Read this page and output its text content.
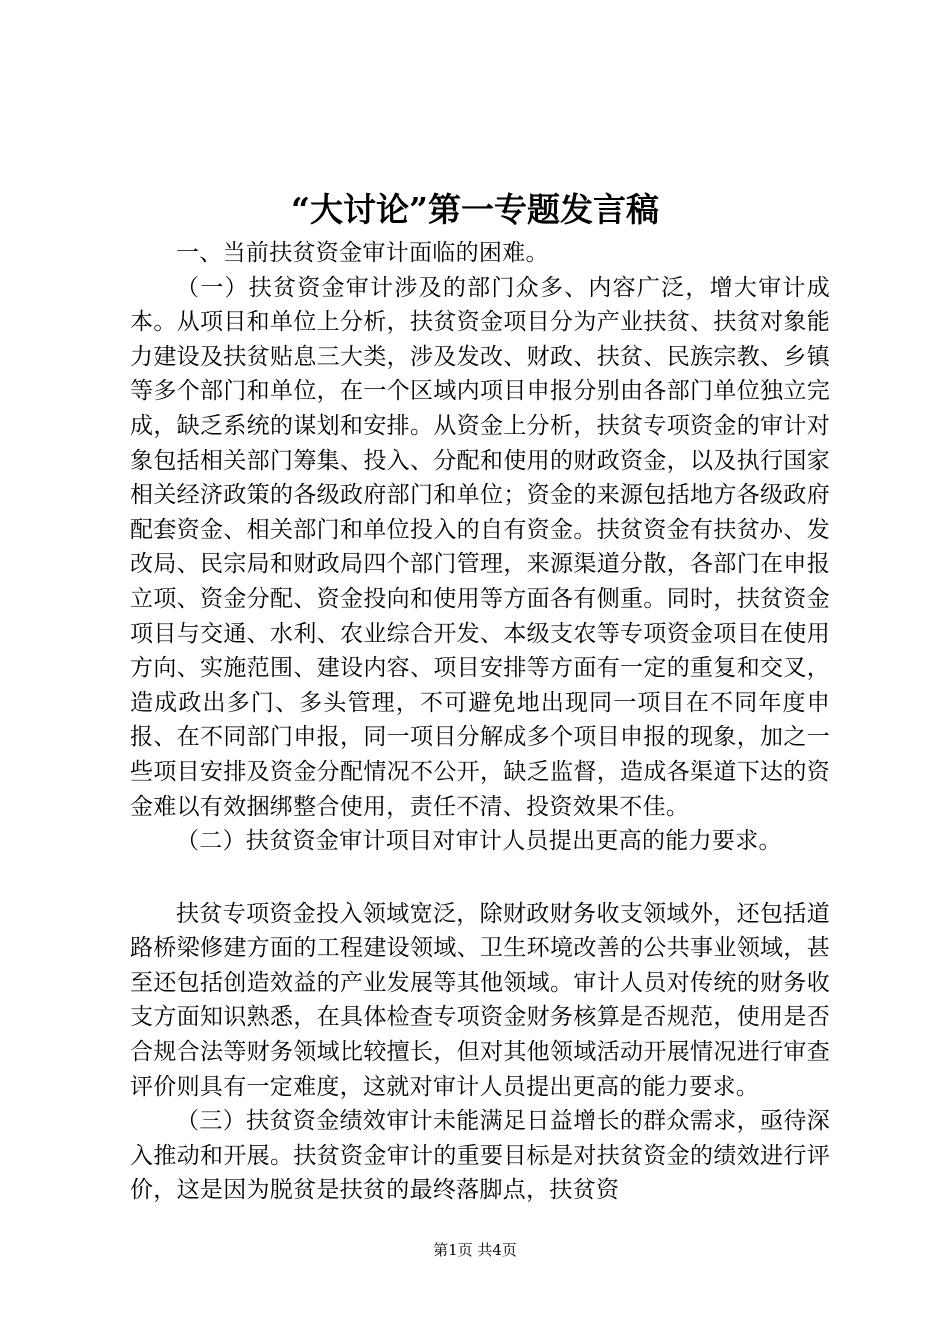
“大讨论”第一专题发言稿

一、当前扶贫资金审计面临的困难。

（一）扶贫资金审计涉及的部门众多、内容广泛，增大审计成本。从项目和单位上分析，扶贫资金项目分为产业扶贫、扶贫对象能力建设及扶贫贴息三大类，涉及发改、财政、扶贫、民族宗教、乡镇等多个部门和单位，在一个区域内项目申报分别由各部门单位独立完成，缺乏系统的谋划和安排。从资金上分析，扶贫专项资金的审计对象包括相关部门筹集、投入、分配和使用的财政资金，以及执行国家相关经济政策的各级政府部门和单位；资金的来源包括地方各级政府配套资金、相关部门和单位投入的自有资金。扶贫资金有扶贫办、发改局、民宗局和财政局四个部门管理，来源渠道分散，各部门在申报立项、资金分配、资金投向和使用等方面各有侧重。同时，扶贫资金项目与交通、水利、农业综合开发、本级支农等专项资金项目在使用方向、实施范围、建设内容、项目安排等方面有一定的重复和交叉，造成政出多门、多头管理，不可避免地出现同一项目在不同年度申报、在不同部门申报，同一项目分解成多个项目申报的现象，加之一些项目安排及资金分配情况不公开，缺乏监督，造成各渠道下达的资金难以有效捆绑整合使用，责任不清、投资效果不佳。

（二）扶贫资金审计项目对审计人员提出更高的能力要求。

扶贫专项资金投入领域宽泛，除财政财务收支领域外，还包括道路桥梁修建方面的工程建设领域、卫生环境改善的公共事业领域，甚至还包括创造效益的产业发展等其他领域。审计人员对传统的财务收支方面知识熟悉，在具体检查专项资金财务核算是否规范，使用是否合规合法等财务领域比较擅长，但对其他领域活动开展情况进行审查评价则具有一定难度，这就对审计人员提出更高的能力要求。

（三）扶贫资金绩效审计未能满足日益增长的群众需求，亟待深入推动和开展。扶贫资金审计的重要目标是对扶贫资金的绩效进行评价，这是因为脱贫是扶贫的最终落脚点，扶贫资

第1页 共4页
